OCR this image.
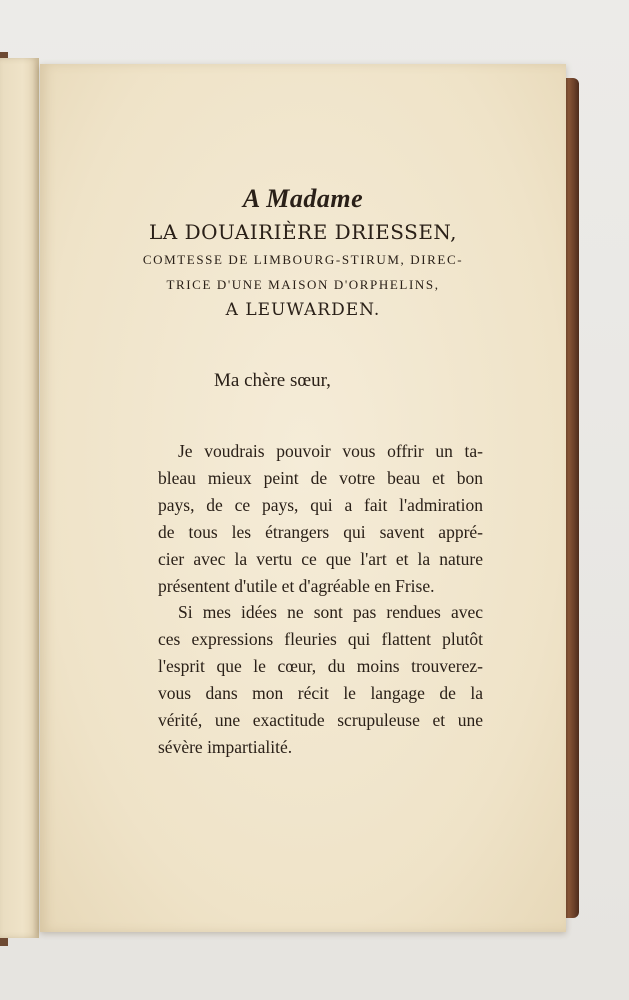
A Madame
LA DOUAIRIÈRE DRIESSEN,
COMTESSE DE LIMBOURG-STIRUM, DIREC-
TRICE D'UNE MAISON D'ORPHELINS,
A LEUWARDEN.
Ma chère sœur,
Je voudrais pouvoir vous offrir un ta-
bleau mieux peint de votre beau et bon
pays, de ce pays, qui a fait l'admiration
de tous les étrangers qui savent appré-
cier avec la vertu ce que l'art et la nature
présentent d'utile et d'agréable en Frise.
Si mes idées ne sont pas rendues avec
ces expressions fleuries qui flattent plutôt
l'esprit que le cœur, du moins trouverez-
vous dans mon récit le langage de la
vérité, une exactitude scrupuleuse et une
sévère impartialité.
